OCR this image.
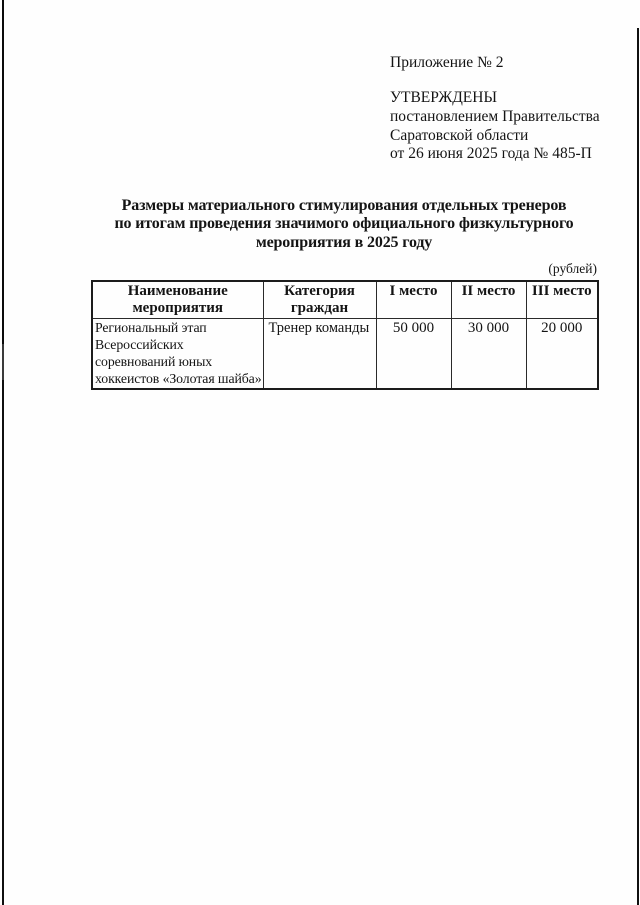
Приложение № 2
УТВЕРЖДЕНЫ
постановлением Правительства
Саратовской области
от 26 июня 2025 года № 485-П
Размеры материального стимулирования отдельных тренеров
по итогам проведения значимого официального физкультурного
мероприятия в 2025 году
(рублей)
Наименование мероприятия	Категория граждан	I место	II место	III место
Региональный этап Всероссийских соревнований юных хоккеистов «Золотая шайба»	Тренер команды	50 000	30 000	20 000
